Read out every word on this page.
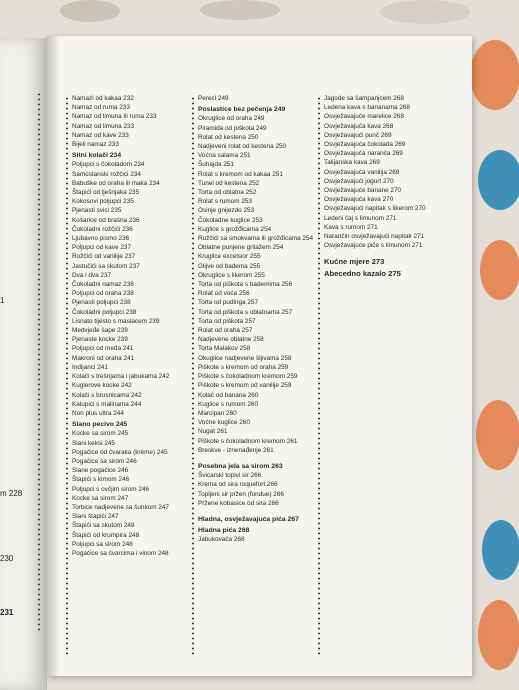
1
m 228
230
231
Namazi od kakaa 232
Namaz od ruma 233
Namaz od limuna ili ruma 233
Namaz od limuna 233
Namaz od kave 233
Bijeli namaz 233
Sitni kolači 234
Poljupci s čokoladom 234
Samostanski rožčići 234
Babuške od oraha ili maka 234
Štapići od lješnjaka 235
Kokosovi poljupci 235
Pjenasti svici 235
Košarice od brašna 236
Čokoladni rožčići 236
Ljubavno pismo 236
Poljupci od kave 237
Rožčići od vanilije 237
Jastučići sa skutom 237
Dva i dva 237
Čokoladni namaz 238
Poljupci od oraha 238
Pjenasti poljupci 238
Čokoladni poljupci 238
Lisnato tijesto s maslacem 239
Medvjeđe šape 239
Pjenaste kocke 239
Poljupci od meda 241
Makroni od oraha 241
Indijanci 241
Kolači s trešnjama i jabukama 242
Kuglerove kocke 242
Kolači s brusnicama 242
Kalupići s malinama 244
Non plus ultra 244
Slano pecivo 245
Kocke sa sirom 245
Slani keksi 245
Pogačice od čvaraka (krème) 245
Pogačice sa sirom 246
Slane pogačice 246
Štapići s kimom 246
Poljupci s ovčjim sirom 246
Kocke sa sirom 247
Torbice nadjevene sa šunkom 247
Slani štapići 247
Štapići sa skutom 248
Štapići od krumpira 248
Poljupci sa sirom 248
Pogačice sa čvarcima i vinom 248
Perecl 249
Poslastice bez pečenja 249
Okruglice od oraha 249
Piramida od piškota 249
Rolat od kestena 250
Nadjeveni rolat od kestena 250
Voćna salama 251
Šuhajda 251
Rolat s kremom od kakaa 251
Tunel od kestena 252
Torta od oblatna 252
Rolat s rumom 253
Osinje gnijezdo 253
Čokoladne kuglice 253
Kuglice s grožđicama 254
Rožčići sa smokvama ili grožđicama 254
Oblatne punjene grilažem 254
Kruglice excelsior 255
Glijve od badema 255
Okruglice s likerom 255
Torta od piškota s bademima 256
Rolat od voća 256
Torta od pudinga 257
Torta od piškota s oblatnama 257
Torta od piškota 257
Rolat od oraha 257
Nadjevene oblatne 258
Torta Malakov 258
Okuglice nadjevene šljivama 258
Piškote s kremom od oraha 259
Piškote s čokoladnom kremom 259
Piškote s kremom od vanilije 259
Kolač od banana 260
Kuglice s rumom 260
Marcipan 260
Voćne kuglice 260
Nugat 261
Piškote s čokoladnom kremom 261
Breskve - iznenađenje 261
Posebna jela sa sirom 263
Švicarski topivi sir 266
Krema od sira roquefort 266
Topljeni sir pržen (fondue) 266
Pržene kobasice od sira 266
Hladna, osvježavajuća pića 267
Hladna pića 268
Jabukovača 268
Jagode sa šampanjcem 268
Ledena kava s bananama 268
Osvježavajuće marelice 268
Osvježavajuća kava 268
Osvježavajući punč 269
Osvježavajuća čokolada 269
Osvježavajuća naranča 269
Talijanska kava 269
Osvježavajuća vanilija 269
Osvježavajući jogurt 270
Osvježavajuće banane 270
Osvježavajuća kava 270
Osvježavajući napitak s likerom 270
Ledeni čaj s limunom 271
Kava s rumom 271
Narančin osvježavajući napitak 271
Osvježavajuće piće s limunom 271
Kućne mjere 273
Abecedno kazalo 275
